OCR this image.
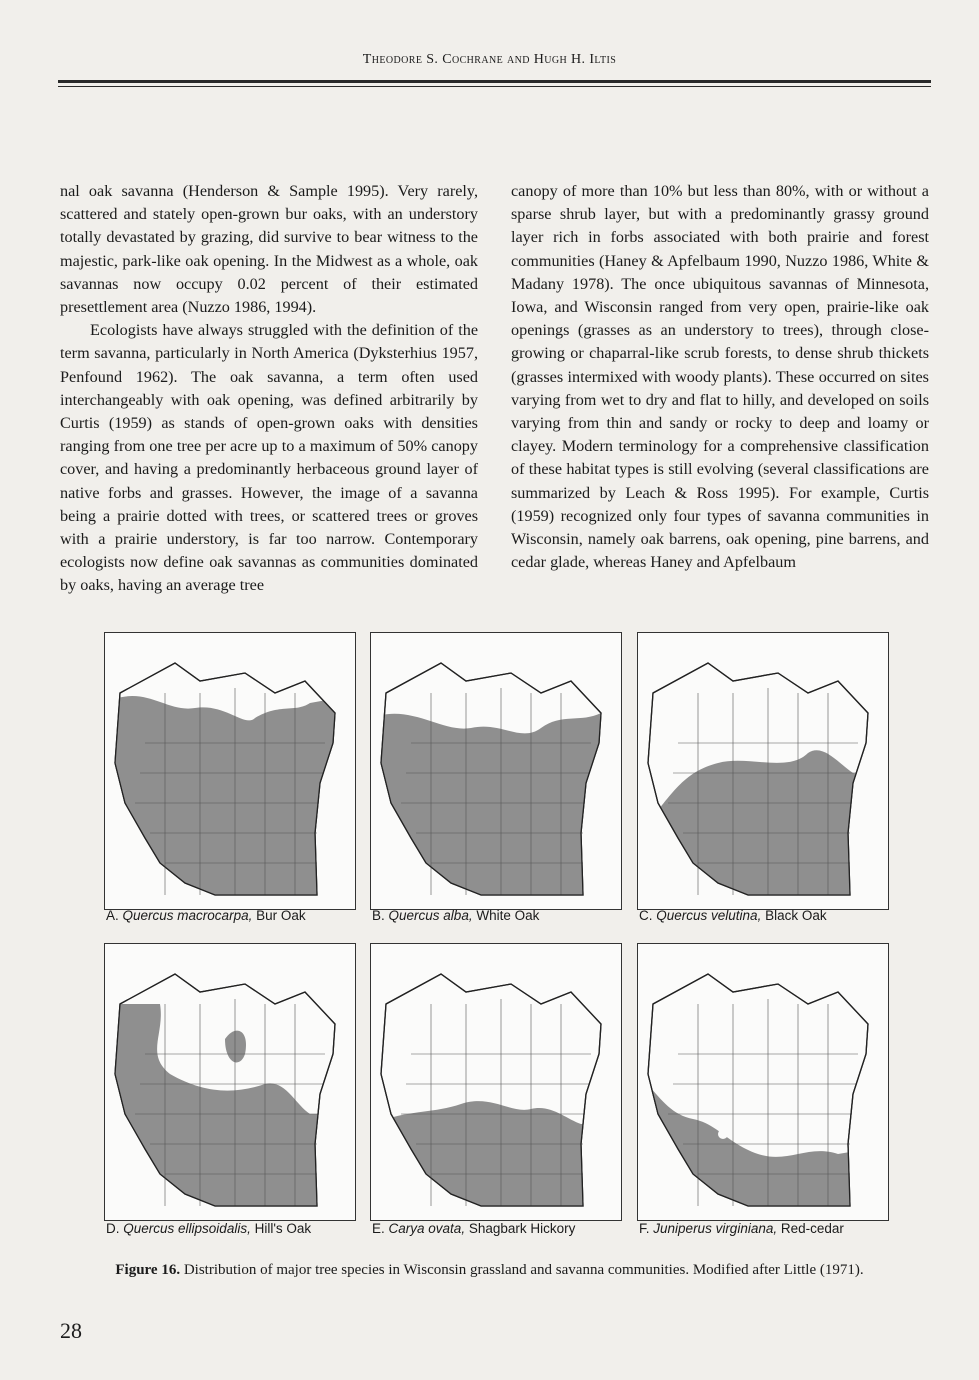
Theodore S. Cochrane and Hugh H. Iltis

nal oak savanna (Henderson & Sample 1995). Very rarely, scattered and stately open-grown bur oaks, with an understory totally devastated by grazing, did survive to bear witness to the majestic, park-like oak opening. In the Midwest as a whole, oak savannas now occupy 0.02 percent of their estimated presettlement area (Nuzzo 1986, 1994).

Ecologists have always struggled with the definition of the term savanna, particularly in North America (Dyksterhius 1957, Penfound 1962). The oak savanna, a term often used interchangeably with oak opening, was defined arbitrarily by Curtis (1959) as stands of open-grown oaks with densities ranging from one tree per acre up to a maximum of 50% canopy cover, and having a predominantly herbaceous ground layer of native forbs and grasses. However, the image of a savanna being a prairie dotted with trees, or scattered trees or groves with a prairie understory, is far too narrow. Contemporary ecologists now define oak savannas as communities dominated by oaks, having an average tree

canopy of more than 10% but less than 80%, with or without a sparse shrub layer, but with a predominantly grassy ground layer rich in forbs associated with both prairie and forest communities (Haney & Apfelbaum 1990, Nuzzo 1986, White & Madany 1978). The once ubiquitous savannas of Minnesota, Iowa, and Wisconsin ranged from very open, prairie-like oak openings (grasses as an understory to trees), through close-growing or chaparral-like scrub forests, to dense shrub thickets (grasses intermixed with woody plants). These occurred on sites varying from wet to dry and flat to hilly, and developed on soils varying from thin and sandy or rocky to deep and loamy or clayey. Modern terminology for a comprehensive classification of these habitat types is still evolving (several classifications are summarized by Leach & Ross 1995). For example, Curtis (1959) recognized only four types of savanna communities in Wisconsin, namely oak barrens, oak opening, pine barrens, and cedar glade, whereas Haney and Apfelbaum

A. Quercus macrocarpa, Bur Oak	B. Quercus alba, White Oak	C. Quercus velutina, Black Oak
D. Quercus ellipsoidalis, Hill's Oak	E. Carya ovata, Shagbark Hickory	F. Juniperus virginiana, Red-cedar
Figure 16. Distribution of major tree species in Wisconsin grassland and savanna communities. Modified after Little (1971).
28
